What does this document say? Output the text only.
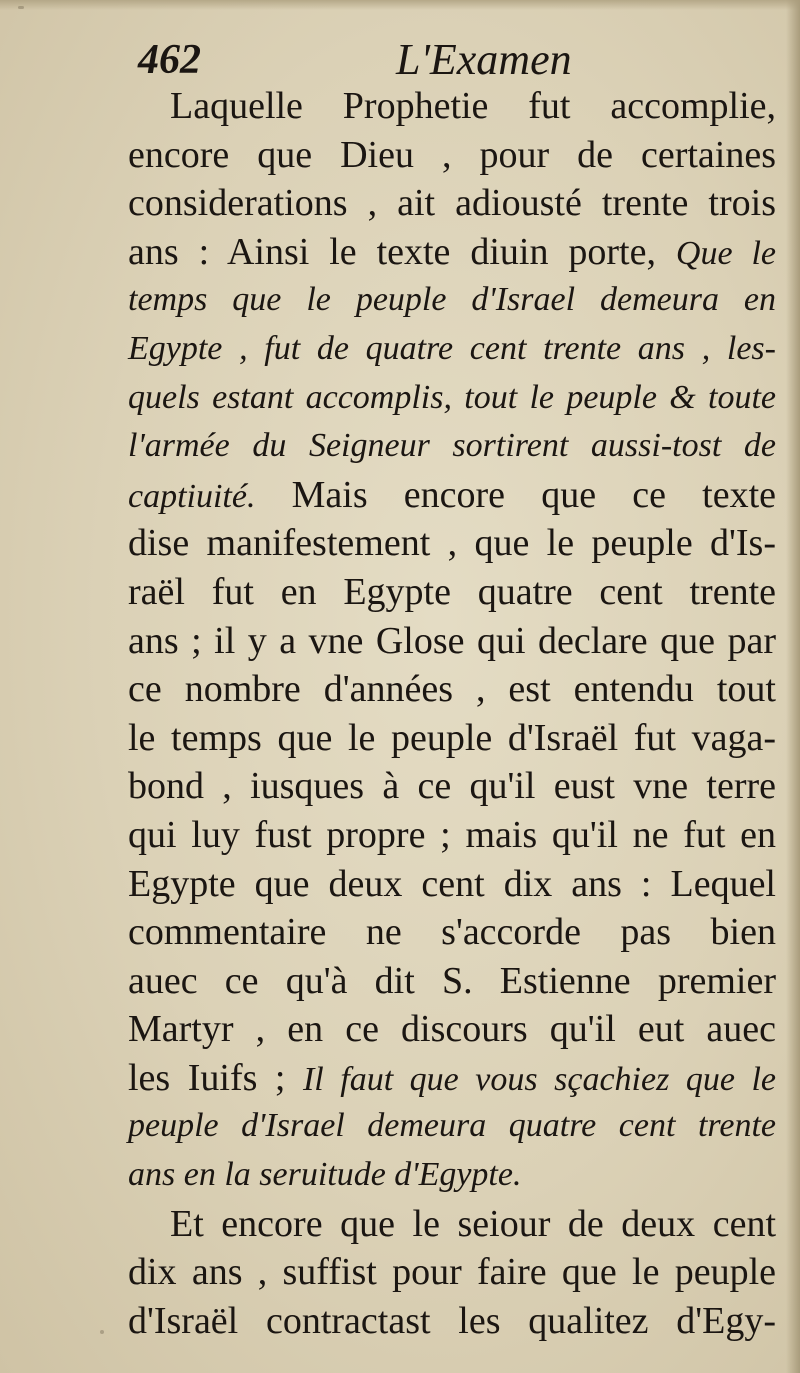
462	L'Examen
Laquelle Prophetie fut accomplie,
encore que Dieu , pour de certaines
considerations , ait adiousté trente trois
ans : Ainsi le texte diuin porte, Que le
temps que le peuple d'Israel demeura en
Egypte , fut de quatre cent trente ans , les-
quels estant accomplis, tout le peuple & toute
l'armée du Seigneur sortirent aussi-tost de
captiuité. Mais encore que ce texte
dise manifestement , que le peuple d'Is-
raël fut en Egypte quatre cent trente
ans ; il y a vne Glose qui declare que par
ce nombre d'années , est entendu tout
le temps que le peuple d'Israël fut vaga-
bond , iusques à ce qu'il eust vne terre
qui luy fust propre ; mais qu'il ne fut en
Egypte que deux cent dix ans : Lequel
commentaire ne s'accorde pas bien
auec ce qu'à dit S. Estienne premier
Martyr , en ce discours qu'il eut auec
les Iuifs ; Il faut que vous sçachiez que le
peuple d'Israel demeura quatre cent trente
ans en la seruitude d'Egypte.
Et encore que le seiour de deux cent
dix ans , suffist pour faire que le peuple
d'Israël contractast les qualitez d'Egy-
